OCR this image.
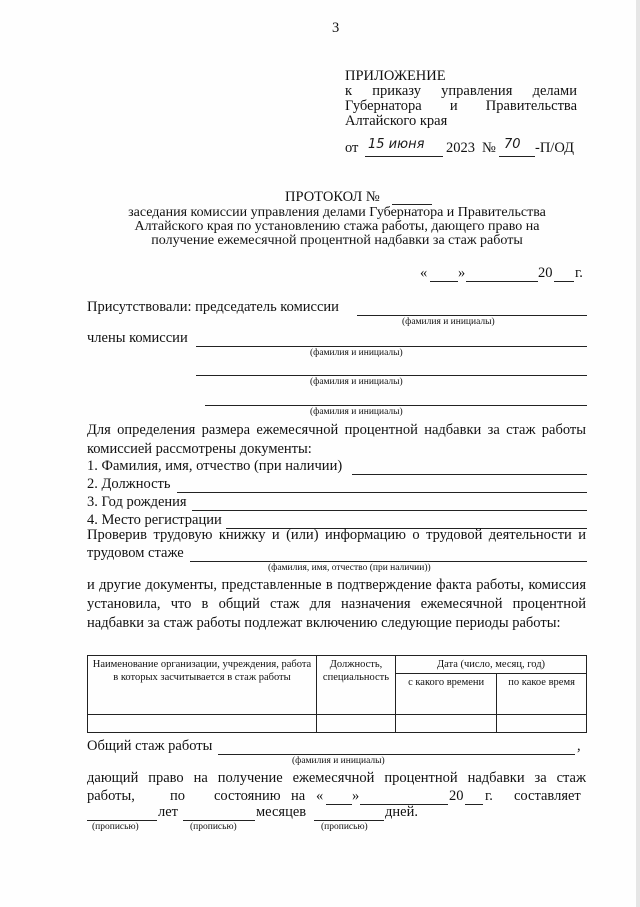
3
ПРИЛОЖЕНИЕ
к приказу управления делами
Губернатора и Правительства
Алтайского края
от 15 июня 2023 № 70 -П/ОД
ПРОТОКОЛ №
заседания комиссии управления делами Губернатора и Правительства
Алтайского края по установлению стажа работы, дающего право на
получение ежемесячной процентной надбавки за стаж работы
« »	20 г.
Присутствовали: председатель комиссии
(фамилия и инициалы)
члены комиссии
(фамилия и инициалы)
(фамилия и инициалы)
(фамилия и инициалы)
Для определения размера ежемесячной процентной надбавки за стаж работы комиссией рассмотрены документы:
1. Фамилия, имя, отчество (при наличии)
2. Должность
3. Год рождения
4. Место регистрации
Проверив трудовую книжку и (или) информацию о трудовой деятельности и
трудовом стаже
(фамилия, имя, отчество (при наличии))
и другие документы, представленные в подтверждение факта работы, комиссия установила, что в общий стаж для назначения ежемесячной процентной надбавки за стаж работы подлежат включению следующие периоды работы:
Наименование организации, учреждения, работа в которых засчитывается в стаж работы	Должность, специальность	Дата (число, месяц, год)	
		с какого времени	по какое время

Общий стаж работы	,
(фамилия и инициалы)
дающий право на получение ежемесячной процентной надбавки за стаж
работы, по состоянию на « »	20 г. составляет
лет	месяцев	дней.
(прописью)	(прописью)	(прописью)
